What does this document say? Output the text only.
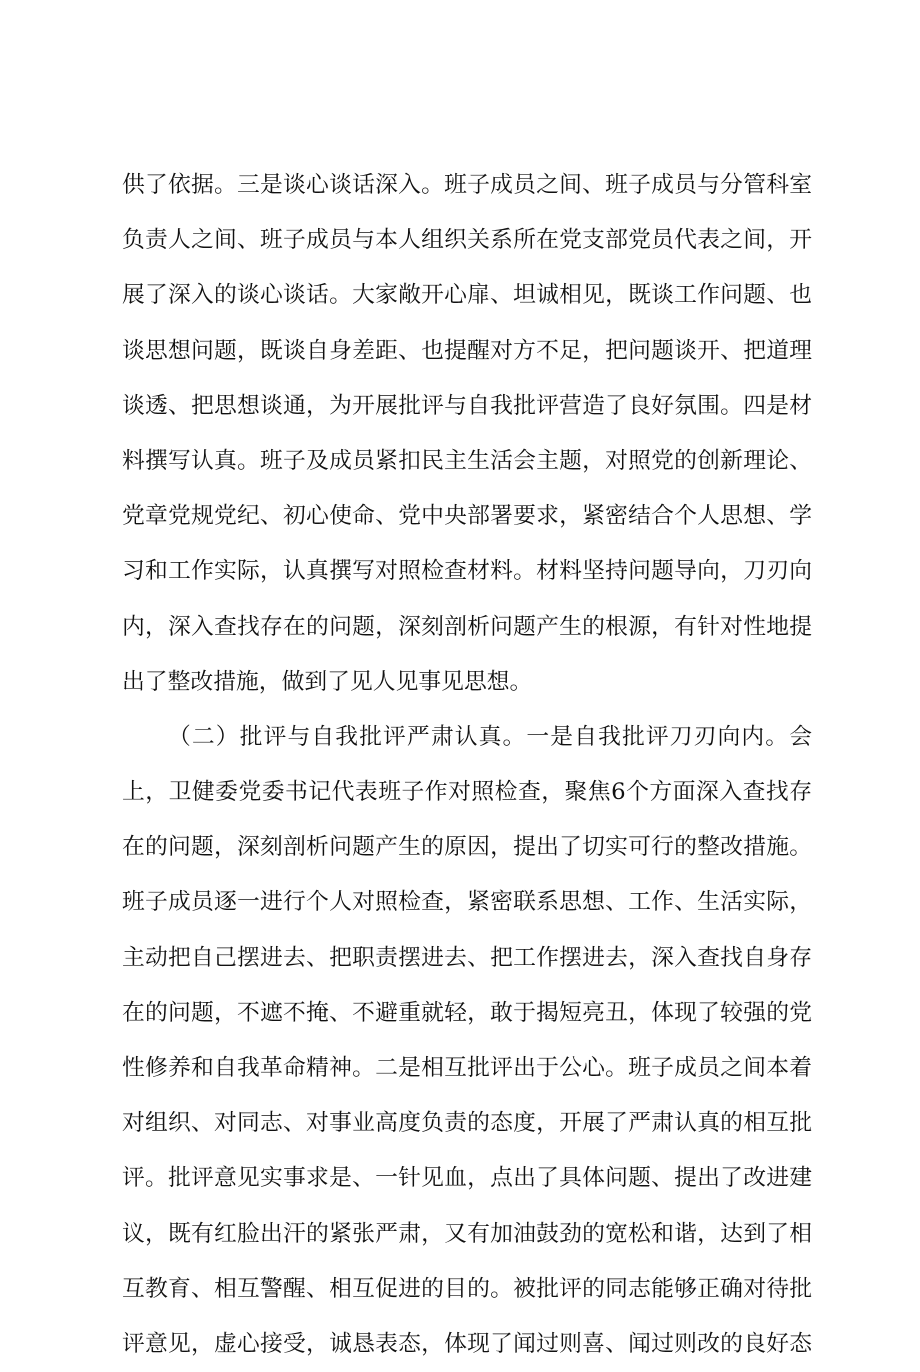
供了依据。三是谈心谈话深入。班子成员之间、班子成员与分管科室
负责人之间、班子成员与本人组织关系所在党支部党员代表之间，开
展了深入的谈心谈话。大家敞开心扉、坦诚相见，既谈工作问题、也
谈思想问题，既谈自身差距、也提醒对方不足，把问题谈开、把道理
谈透、把思想谈通，为开展批评与自我批评营造了良好氛围。四是材
料撰写认真。班子及成员紧扣民主生活会主题，对照党的创新理论、
党章党规党纪、初心使命、党中央部署要求，紧密结合个人思想、学
习和工作实际，认真撰写对照检查材料。材料坚持问题导向，刀刃向
内，深入查找存在的问题，深刻剖析问题产生的根源，有针对性地提
出了整改措施，做到了见人见事见思想。
（二）批评与自我批评严肃认真。一是自我批评刀刃向内。会
上，卫健委党委书记代表班子作对照检查，聚焦6个方面深入查找存
在的问题，深刻剖析问题产生的原因，提出了切实可行的整改措施。
班子成员逐一进行个人对照检查，紧密联系思想、工作、生活实际，
主动把自己摆进去、把职责摆进去、把工作摆进去，深入查找自身存
在的问题，不遮不掩、不避重就轻，敢于揭短亮丑，体现了较强的党
性修养和自我革命精神。二是相互批评出于公心。班子成员之间本着
对组织、对同志、对事业高度负责的态度，开展了严肃认真的相互批
评。批评意见实事求是、一针见血，点出了具体问题、提出了改进建
议，既有红脸出汗的紧张严肃，又有加油鼓劲的宽松和谐，达到了相
互教育、相互警醒、相互促进的目的。被批评的同志能够正确对待批
评意见，虚心接受，诚恳表态，体现了闻过则喜、闻过则改的良好态
